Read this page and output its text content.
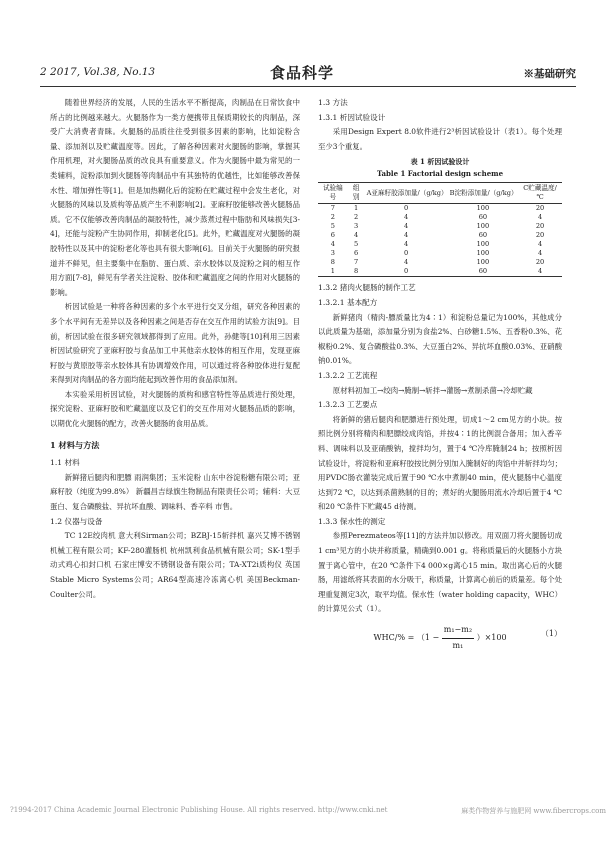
2 2017, Vol.38, No.13	食品科学	※基础研究

随着世界经济的发展，人民的生活水平不断提高，肉制品在日常饮食中所占的比例越来越大。火腿肠作为一类方便携带且保质期较长的肉制品，深受广大消费者青睐。火腿肠的品质往往受到很多因素的影响，比如淀粉含量、添加剂以及贮藏温度等。因此，了解各种因素对火腿肠的影响，掌握其作用机理，对火腿肠品质的改良具有重要意义。作为火腿肠中最为常见的一类辅料，淀粉添加到火腿肠等肉制品中有其独特的优越性，比如能够改善保水性、增加弹性等[1]。但是加热糊化后的淀粉在贮藏过程中会发生老化，对火腿肠的风味以及质构等品质产生不利影响[2]。亚麻籽胶能够改善火腿肠品质。它不仅能够改善肉制品的凝胶特性，减少蒸煮过程中脂肪和风味损失[3-4]，还能与淀粉产生协同作用，抑制老化[5]。此外，贮藏温度对火腿肠的凝胶特性以及其中的淀粉老化等也具有很大影响[6]。目前关于火腿肠的研究报道并不鲜见，但主要集中在脂肪、蛋白质、亲水胶体以及淀粉之间的相互作用方面[7-8]，鲜见有学者关注淀粉、胶体和贮藏温度之间的作用对火腿肠的影响。

析因试验是一种将各种因素的多个水平进行交叉分组，研究各种因素的多个水平间有无差异以及各种因素之间是否存在交互作用的试验方法[9]。目前，析因试验在很多研究领域都得到了应用。此外，孙健等[10]利用三因素析因试验研究了亚麻籽胶与食品加工中其他亲水胶体的相互作用，发现亚麻籽胶与黄原胶等亲水胶体具有协调增效作用，可以通过将各种胶体进行复配来得到对肉制品的各方面均能起到改善作用的食品添加剂。

本实验采用析因试验，对火腿肠的质构和感官特性等品质进行预处理，探究淀粉、亚麻籽胶和贮藏温度以及它们的交互作用对火腿肠品质的影响，以期优化火腿肠的配方，改善火腿肠的食用品质。

1 材料与方法
1.1 材料

新鲜猪后腿肉和肥膘 雨润集团；玉米淀粉 山东中谷淀粉糖有限公司；亚麻籽胶（纯度为99.8%） 新疆昌吉绿旗生物制品有限责任公司；辅料：大豆蛋白、复合磷酸盐、异抗坏血酸、调味料、香辛料 市售。

1.2 仪器与设备

TC 12E绞肉机 意大利Sirman公司；BZBJ-15斩拌机 嘉兴艾博不锈钢机械工程有限公司；KF-280灌肠机 杭州凯利食品机械有限公司；SK-1型手动式鸡心扣封口机 石家庄博安不锈钢设备有限公司；TA-XT2i质构仪 英国Stable Micro Systems公司；AR64型高速冷冻离心机 美国Beckman-Coulter公司。

1.3 方法
1.3.1 析因试验设计

采用Design Expert 8.0软件进行2³析因试验设计（表1）。每个处理至少3个重复。

表 1 析因试验设计
Table 1 Factorial design scheme
试验编号	组别	A亚麻籽胶添加量/（g/kg）	B淀粉添加量/（g/kg）	C贮藏温度/℃
7	1	0	100	20
2	2	4	60	4
5	3	4	100	20
6	4	4	60	20
4	5	4	100	4
3	6	0	100	4
8	7	4	100	20
1	8	0	60	4
1.3.2 猪肉火腿肠的制作工艺
1.3.2.1 基本配方

新鲜猪肉（精肉-膘质量比为4∶1）和淀粉总量记为100%，其他成分以此质量为基础，添加量分别为食盐2%、白砂糖1.5%、五香粉0.3%、花椒粉0.2%、复合磷酸盐0.3%、大豆蛋白2%、异抗坏血酸0.03%、亚硝酸钠0.01%。

1.3.2.2 工艺流程

原材料初加工→绞肉→腌制→斩拌→灌肠→煮制杀菌→冷却贮藏

1.3.2.3 工艺要点

将新鲜的猪后腿肉和肥膘进行预处理，切成1～2 cm见方的小块。按照比例分别将精肉和肥膘绞成肉馅，并按4∶1的比例混合备用；加入香辛料、调味料以及亚硝酸钠，搅拌均匀，置于4 ℃冷库腌制24 h；按照析因试验设计，将淀粉和亚麻籽胶按比例分别加入腌制好的肉馅中并斩拌均匀；用PVDC肠衣灌装完成后置于90 ℃水中煮制40 min，使火腿肠中心温度达到72 ℃，以达到杀菌熟制的目的；煮好的火腿肠用流水冷却后置于4 ℃和20 ℃条件下贮藏45 d待测。

1.3.3 保水性的测定

参照Perezmateos等[11]的方法并加以修改。用双面刀将火腿肠切成1 cm³见方的小块并称质量，精确到0.001 g。将称质量后的火腿肠小方块置于离心管中，在20 ℃条件下4 000×g离心15 min。取出离心后的火腿肠，用滤纸将其表面的水分吸干，称质量，计算离心前后的质量差。每个处理重复测定3次，取平均值。保水性（water holding capacity，WHC）的计算见公式（1）。

$WHC/\% = (1 - \frac{\text{m₁−m₂}}{\text{m₁}} )\times 100$	（1）
?1994-2017 China Academic Journal Electronic Publishing House. All rights reserved. http://www.cnki.net	麻类作物营养与施肥网 www.fibercrops.com
